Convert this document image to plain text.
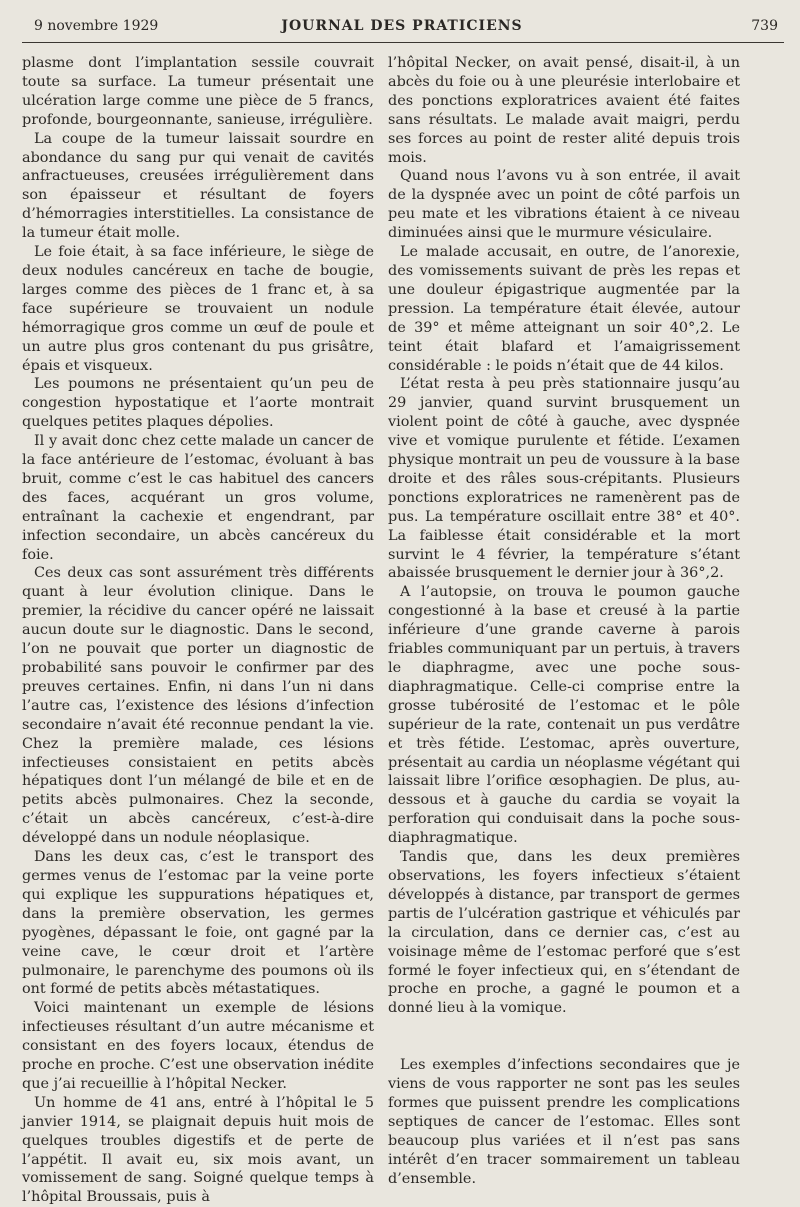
9 novembre 1929	JOURNAL DES PRATICIENS	739

plasme dont l’implantation sessile couvrait toute sa surface. La tumeur présentait une ulcération large comme une pièce de 5 francs, profonde, bourgeonnante, sanieuse, irrégulière.

La coupe de la tumeur laissait sourdre en abondance du sang pur qui venait de cavités anfractueuses, creusées irrégulièrement dans son épaisseur et résultant de foyers d’hémorragies interstitielles. La consistance de la tumeur était molle.

Le foie était, à sa face inférieure, le siège de deux nodules cancéreux en tache de bougie, larges comme des pièces de 1 franc et, à sa face supérieure se trouvaient un nodule hémorragique gros comme un œuf de poule et un autre plus gros contenant du pus grisâtre, épais et visqueux.

Les poumons ne présentaient qu’un peu de congestion hypostatique et l’aorte montrait quelques petites plaques dépolies.

Il y avait donc chez cette malade un cancer de la face antérieure de l’estomac, évoluant à bas bruit, comme c’est le cas habituel des cancers des faces, acquérant un gros volume, entraînant la cachexie et engendrant, par infection secondaire, un abcès cancéreux du foie.

Ces deux cas sont assurément très différents quant à leur évolution clinique. Dans le premier, la récidive du cancer opéré ne laissait aucun doute sur le diagnostic. Dans le second, l’on ne pouvait que porter un diagnostic de probabilité sans pouvoir le confirmer par des preuves certaines. Enfin, ni dans l’un ni dans l’autre cas, l’existence des lésions d’infection secondaire n’avait été reconnue pendant la vie. Chez la première malade, ces lésions infectieuses consistaient en petits abcès hépatiques dont l’un mélangé de bile et en de petits abcès pulmonaires. Chez la seconde, c’était un abcès cancéreux, c’est-à-dire développé dans un nodule néoplasique.

Dans les deux cas, c’est le transport des germes venus de l’estomac par la veine porte qui explique les suppurations hépatiques et, dans la première observation, les germes pyogènes, dépassant le foie, ont gagné par la veine cave, le cœur droit et l’artère pulmonaire, le parenchyme des poumons où ils ont formé de petits abcès métastatiques.

Voici maintenant un exemple de lésions infectieuses résultant d’un autre mécanisme et consistant en des foyers locaux, étendus de proche en proche. C’est une observation inédite que j’ai recueillie à l’hôpital Necker.

Un homme de 41 ans, entré à l’hôpital le 5 janvier 1914, se plaignait depuis huit mois de quelques troubles digestifs et de perte de l’appétit. Il avait eu, six mois avant, un vomissement de sang. Soigné quelque temps à l’hôpital Broussais, puis à

l’hôpital Necker, on avait pensé, disait-il, à un abcès du foie ou à une pleurésie interlobaire et des ponctions exploratrices avaient été faites sans résultats. Le malade avait maigri, perdu ses forces au point de rester alité depuis trois mois.

Quand nous l’avons vu à son entrée, il avait de la dyspnée avec un point de côté parfois un peu mate et les vibrations étaient à ce niveau diminuées ainsi que le murmure vésiculaire.

Le malade accusait, en outre, de l’anorexie, des vomissements suivant de près les repas et une douleur épigastrique augmentée par la pression. La température était élevée, autour de 39° et même atteignant un soir 40°,2. Le teint était blafard et l’amaigrissement considérable : le poids n’était que de 44 kilos.

L’état resta à peu près stationnaire jusqu’au 29 janvier, quand survint brusquement un violent point de côté à gauche, avec dyspnée vive et vomique purulente et fétide. L’examen physique montrait un peu de voussure à la base droite et des râles sous-crépitants. Plusieurs ponctions exploratrices ne ramenèrent pas de pus. La température oscillait entre 38° et 40°. La faiblesse était considérable et la mort survint le 4 février, la température s’étant abaissée brusquement le dernier jour à 36°,2.

A l’autopsie, on trouva le poumon gauche congestionné à la base et creusé à la partie inférieure d’une grande caverne à parois friables communiquant par un pertuis, à travers le diaphragme, avec une poche sous-diaphragmatique. Celle-ci comprise entre la grosse tubérosité de l’estomac et le pôle supérieur de la rate, contenait un pus verdâtre et très fétide. L’estomac, après ouverture, présentait au cardia un néoplasme végétant qui laissait libre l’orifice œsophagien. De plus, au-dessous et à gauche du cardia se voyait la perforation qui conduisait dans la poche sous-diaphragmatique.

Tandis que, dans les deux premières observations, les foyers infectieux s’étaient développés à distance, par transport de germes partis de l’ulcération gastrique et véhiculés par la circulation, dans ce dernier cas, c’est au voisinage même de l’estomac perforé que s’est formé le foyer infectieux qui, en s’étendant de proche en proche, a gagné le poumon et a donné lieu à la vomique.

Les exemples d’infections secondaires que je viens de vous rapporter ne sont pas les seules formes que puissent prendre les complications septiques de cancer de l’estomac. Elles sont beaucoup plus variées et il n’est pas sans intérêt d’en tracer sommairement un tableau d’ensemble.
